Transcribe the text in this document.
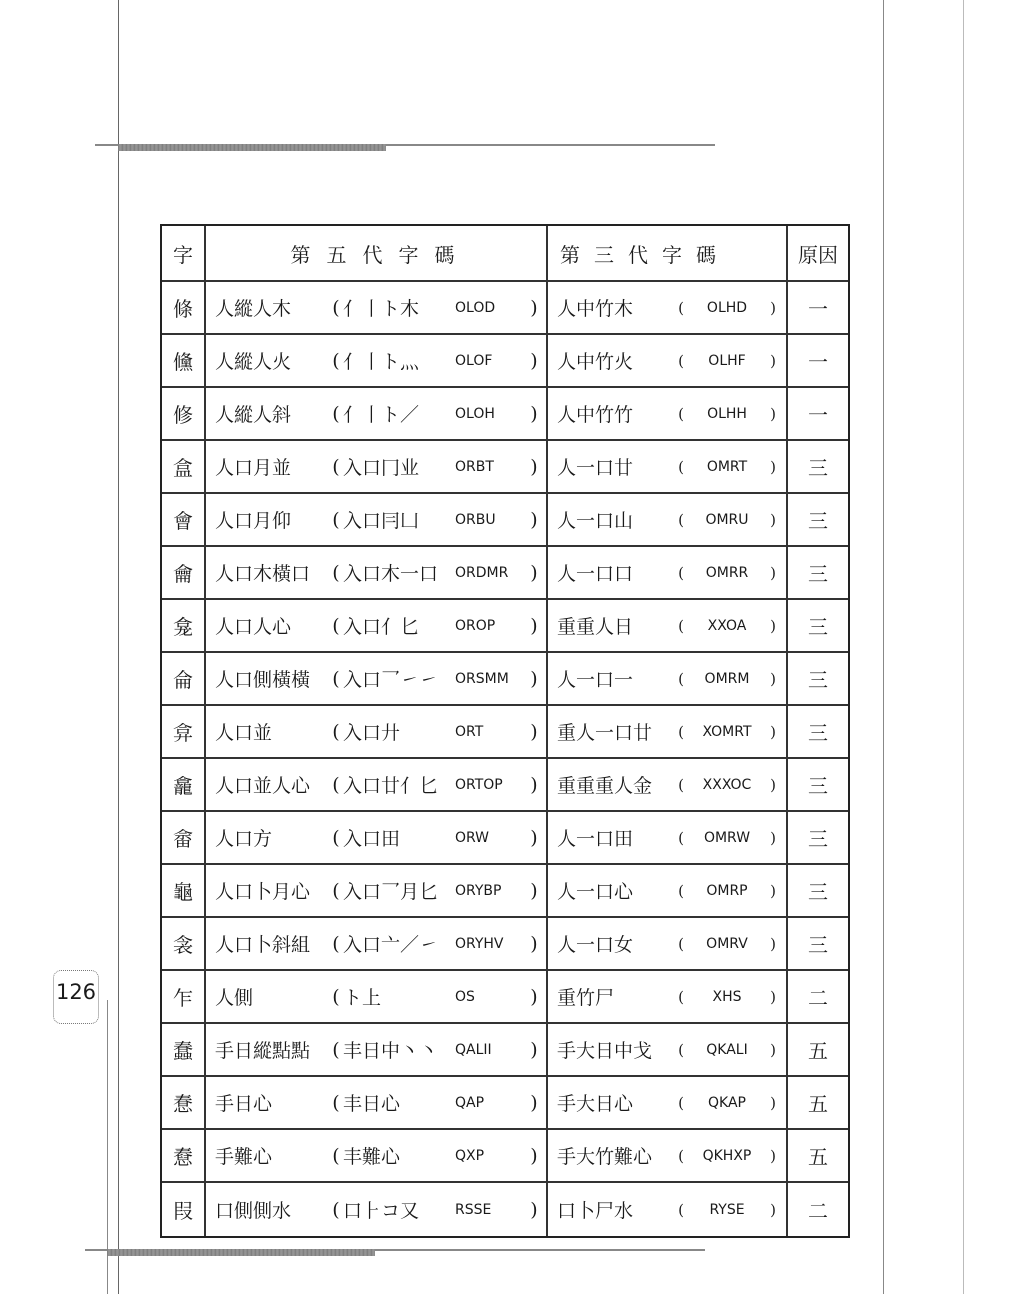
126
字	第五代字碼	第三代字碼	原因
條	人縱人木	( 亻丨ト木	OLOD	) 人中竹木	(	OLHD	)	一
儵	人縱人火	( 亻丨ト灬	OLOF	) 人中竹火	(	OLHF	)	一
修	人縱人斜	( 亻丨ト／	OLOH	) 人中竹竹	(	OLHH	)	一
盒	人口月並	( 入口冂业	ORBT	) 人一口廿	(	OMRT	)	三
會	人口月仰	( 入口冃凵	ORBU	) 人一口山	(	OMRU	)	三
龠	人口木橫口	( 入口木一口	ORDMR	) 人一口口	(	OMRR	)	三
龛	人口人心	( 入口亻匕	OROP	) 重重人日	(	XXOA	)	三
侖	人口側橫橫	( 入口乛㇀㇀	ORSMM	) 人一口一	(	OMRM	)	三
弇	人口並	( 入口廾	ORT	) 重人一口廿	(	XOMRT	)	三
龕	人口並人心	( 入口廿亻匕	ORTOP	) 重重重人金	(	XXXOC	)	三
畲	人口方	( 入口田	ORW	) 人一口田	(	OMRW	)	三
龜	人口卜月心	( 入口乛月匕	ORYBP	) 人一口心	(	OMRP	)	三
衾	人口卜斜組	( 入口亠／㇀	ORYHV	) 人一口女	(	OMRV	)	三
乍	人側	( ト上	OS	) 重竹尸	(	XHS	)	二
蠢	手日縱點點	( 丰日中丶丶	QALII	) 手大日中戈	(	QKALI	)	五
惷	手日心	( 丰日心	QAP	) 手大日心	(	QKAP	)	五
憃	手難心	( 丰難心	QXP	) 手大竹難心	(	QKHXP	)	五
叚	口側側水	( 口⺊コ又	RSSE	) 口卜尸水	(	RYSE	)	二
